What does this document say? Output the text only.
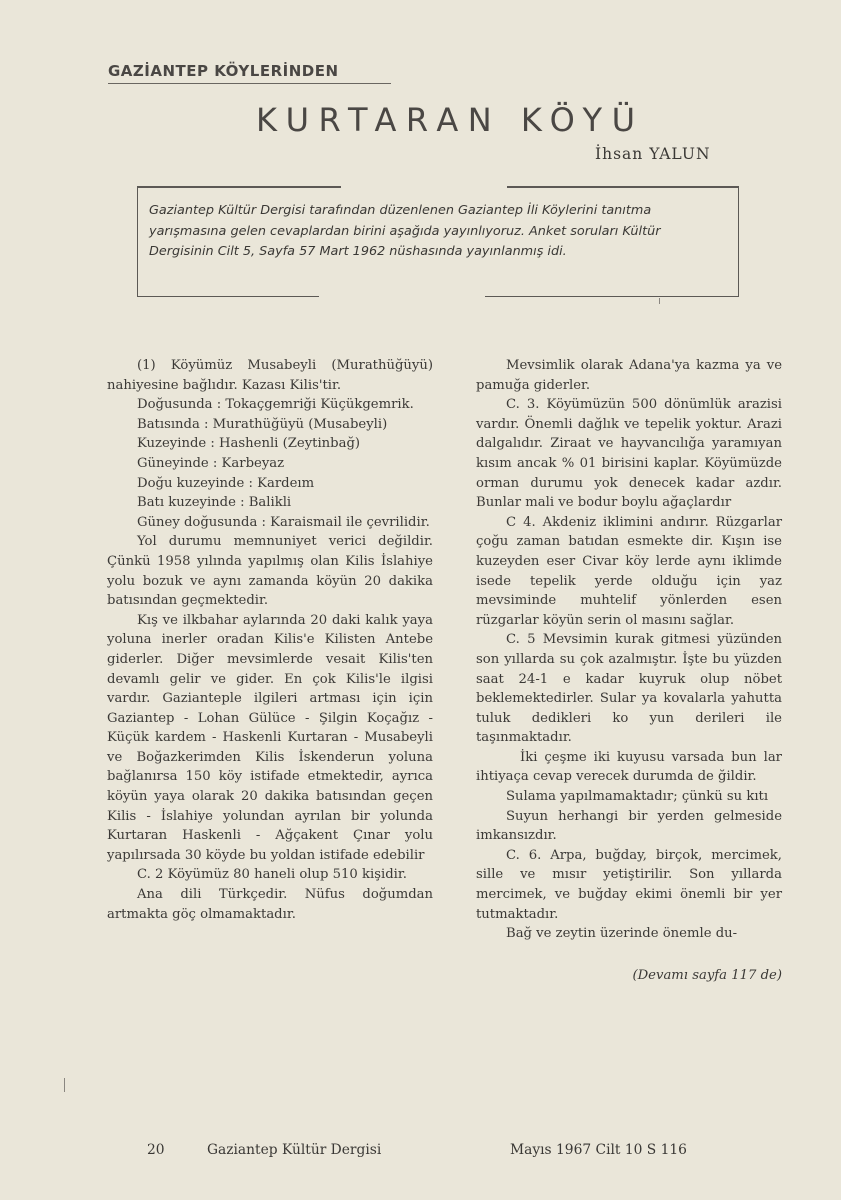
GAZİANTEP KÖYLERİNDEN
KURTARAN KÖYÜ
İhsan YALUN
Gaziantep Kültür Dergisi tarafından düzenlenen Gaziantep İli Köylerini tanıtma yarışmasına gelen cevaplardan birini aşağıda yayınlıyoruz. Anket soruları Kültür Dergisinin Cilt 5, Sayfa 57 Mart 1962 nüshasında yayınlanmış idi.

(1) Köyümüz Musabeyli (Murathüğüyü) nahiyesine bağlıdır. Kazası Kilis'tir.

Doğusunda : Tokaçgemriği Küçükgemrik.

Batısında : Murathüğüyü (Musabeyli)

Kuzeyinde : Hashenli (Zeytinbağ)

Güneyinde : Karbeyaz

Doğu kuzeyinde : Kardeım

Batı kuzeyinde : Balikli

Güney doğusunda : Karaismail ile çevrilidir.

Yol durumu memnuniyet verici değildir. Çünkü 1958 yılında yapılmış olan Kilis İslahiye yolu bozuk ve aynı zamanda köyün 20 dakika batısından geçmektedir.

Kış ve ilkbahar aylarında 20 daki kalık yaya yoluna inerler oradan Kilis'e Kilisten Antebe giderler. Diğer mevsimlerde vesait Kilis'ten devamlı gelir ve gider. En çok Kilis'le ilgisi vardır. Gazianteple ilgileri artması için için Gaziantep - Lohan Gülüce - Şilgin Koçağız - Küçük kardem - Haskenli Kurtaran - Musabeyli ve Boğazkerimden Kilis İskenderun yoluna bağlanırsa 150 köy istifade etmektedir, ayrıca köyün yaya olarak 20 dakika batısından geçen Kilis - İslahiye yolundan ayrılan bir yolunda Kurtaran Haskenli - Ağçakent Çınar yolu yapılırsada 30 köyde bu yoldan istifade edebilir

C. 2 Köyümüz 80 haneli olup 510 kişidir.

Ana dili Türkçedir. Nüfus doğumdan artmakta göç olmamaktadır.

Mevsimlik olarak Adana'ya kazma ya ve pamuğa giderler.

C. 3. Köyümüzün 500 dönümlük arazisi vardır. Önemli dağlık ve tepelik yoktur. Arazi dalgalıdır. Ziraat ve hayvancılığa yaramıyan kısım ancak % 01 birisini kaplar. Köyümüzde orman durumu yok denecek kadar azdır. Bunlar mali ve bodur boylu ağaçlardır

C 4. Akdeniz iklimini andırır. Rüzgarlar çoğu zaman batıdan esmekte dir. Kışın ise kuzeyden eser Civar köy lerde aynı iklimde isede tepelik yerde olduğu için yaz mevsiminde muhtelif yönlerden esen rüzgarlar köyün serin ol masını sağlar.

C. 5 Mevsimin kurak gitmesi yüzünden son yıllarda su çok azalmıştır. İşte bu yüzden saat 24-1 e kadar kuyruk olup nöbet beklemektedirler. Sular ya kovalarla yahutta tuluk dedikleri ko yun derileri ile taşınmaktadır.

İki çeşme iki kuyusu varsada bun lar ihtiyaça cevap verecek durumda de ğildir.

Sulama yapılmamaktadır; çünkü su kıtı

Suyun herhangi bir yerden gelmeside imkansızdır.

C. 6. Arpa, buğday, birçok, mercimek, sille ve mısır yetiştirilir. Son yıllarda mercimek, ve buğday ekimi önemli bir yer tutmaktadır.

Bağ ve zeytin üzerinde önemle du-

(Devamı sayfa 117 de)

20	Gaziantep Kültür Dergisi	Mayıs 1967 Cilt 10 S 116
